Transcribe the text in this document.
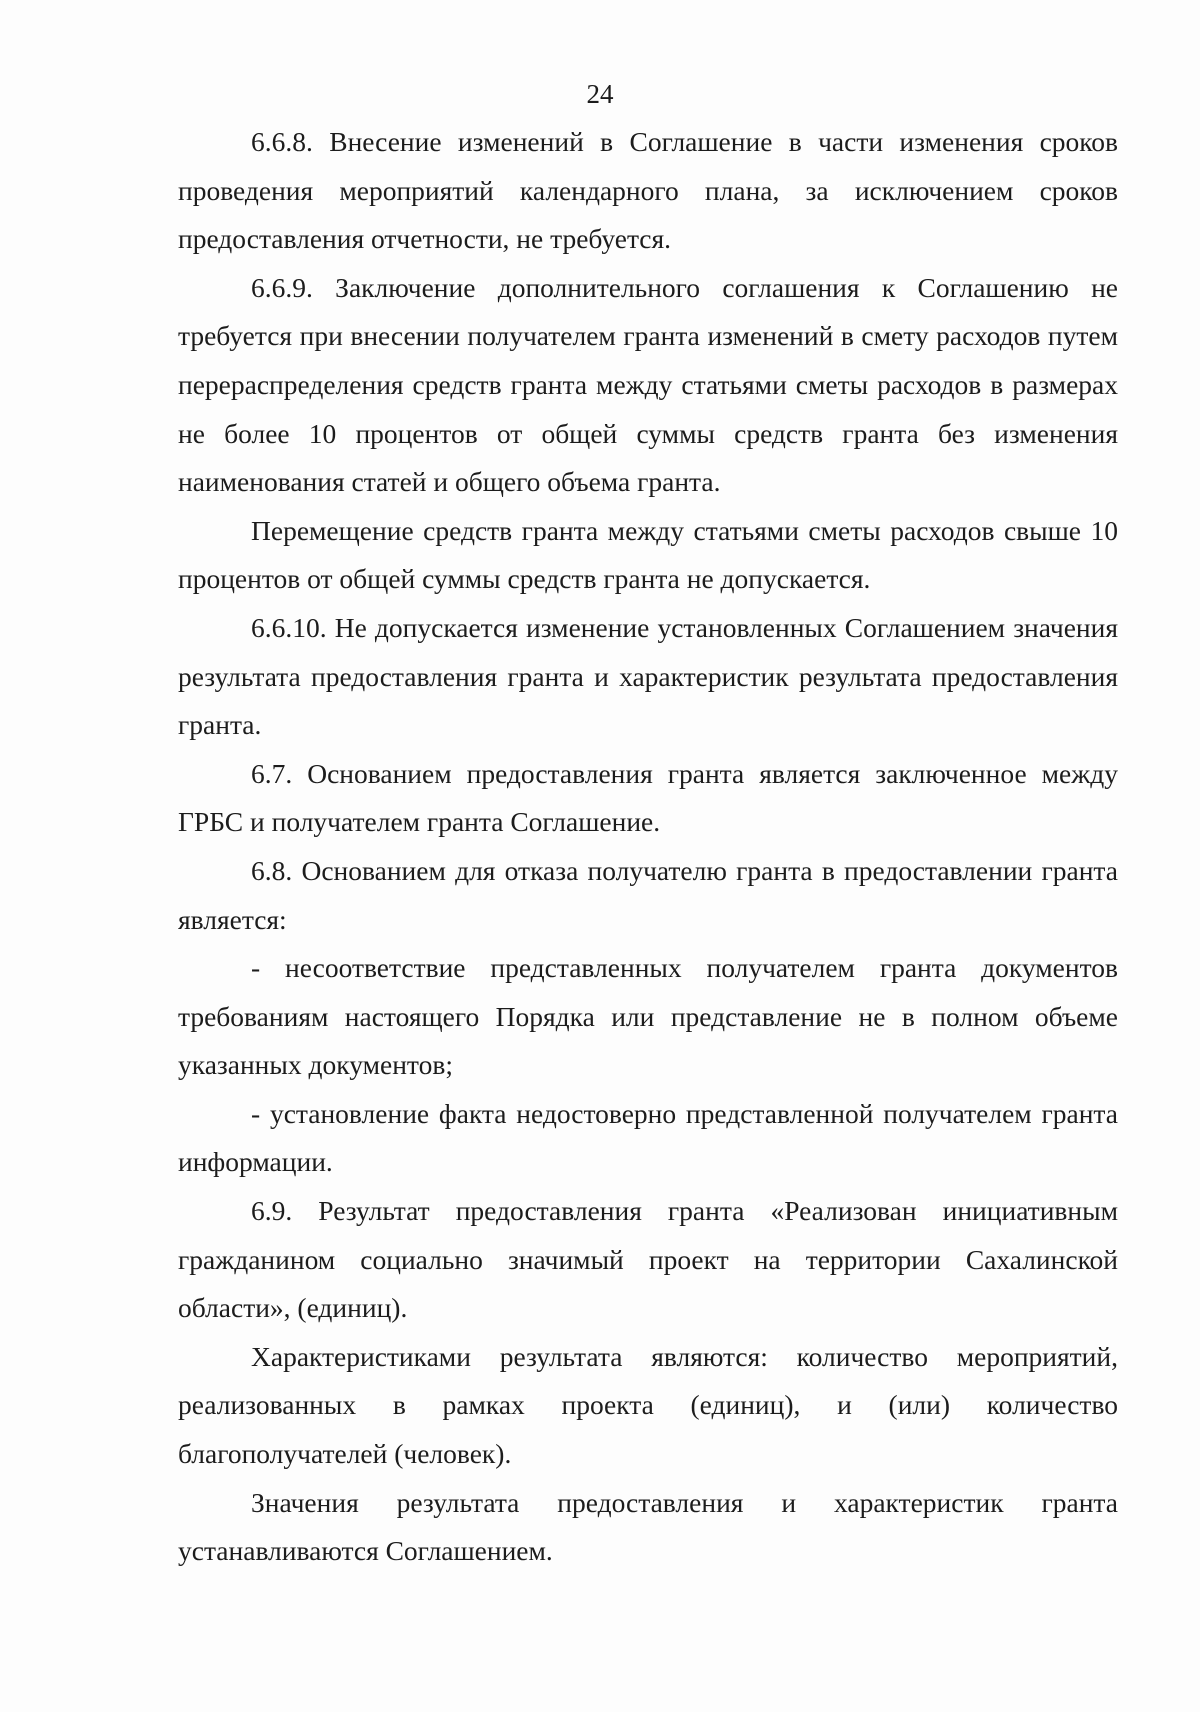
24

6.6.8. Внесение изменений в Соглашение в части изменения сроков проведения мероприятий календарного плана, за исключением сроков предоставления отчетности, не требуется.

6.6.9. Заключение дополнительного соглашения к Соглашению не требуется при внесении получателем гранта изменений в смету расходов путем перераспределения средств гранта между статьями сметы расходов в размерах не более 10 процентов от общей суммы средств гранта без изменения наименования статей и общего объема гранта.

Перемещение средств гранта между статьями сметы расходов свыше 10 процентов от общей суммы средств гранта не допускается.

6.6.10. Не допускается изменение установленных Соглашением значения результата предоставления гранта и характеристик результата предоставления гранта.

6.7. Основанием предоставления гранта является заключенное между ГРБС и получателем гранта Соглашение.

6.8. Основанием для отказа получателю гранта в предоставлении гранта является:

- несоответствие представленных получателем гранта документов требованиям настоящего Порядка или представление не в полном объеме указанных документов;

- установление факта недостоверно представленной получателем гранта информации.

6.9. Результат предоставления гранта «Реализован инициативным гражданином социально значимый проект на территории Сахалинской области», (единиц).

Характеристиками результата являются: количество мероприятий, реализованных в рамках проекта (единиц), и (или) количество благополучателей (человек).

Значения результата предоставления и характеристик гранта устанавливаются Соглашением.
